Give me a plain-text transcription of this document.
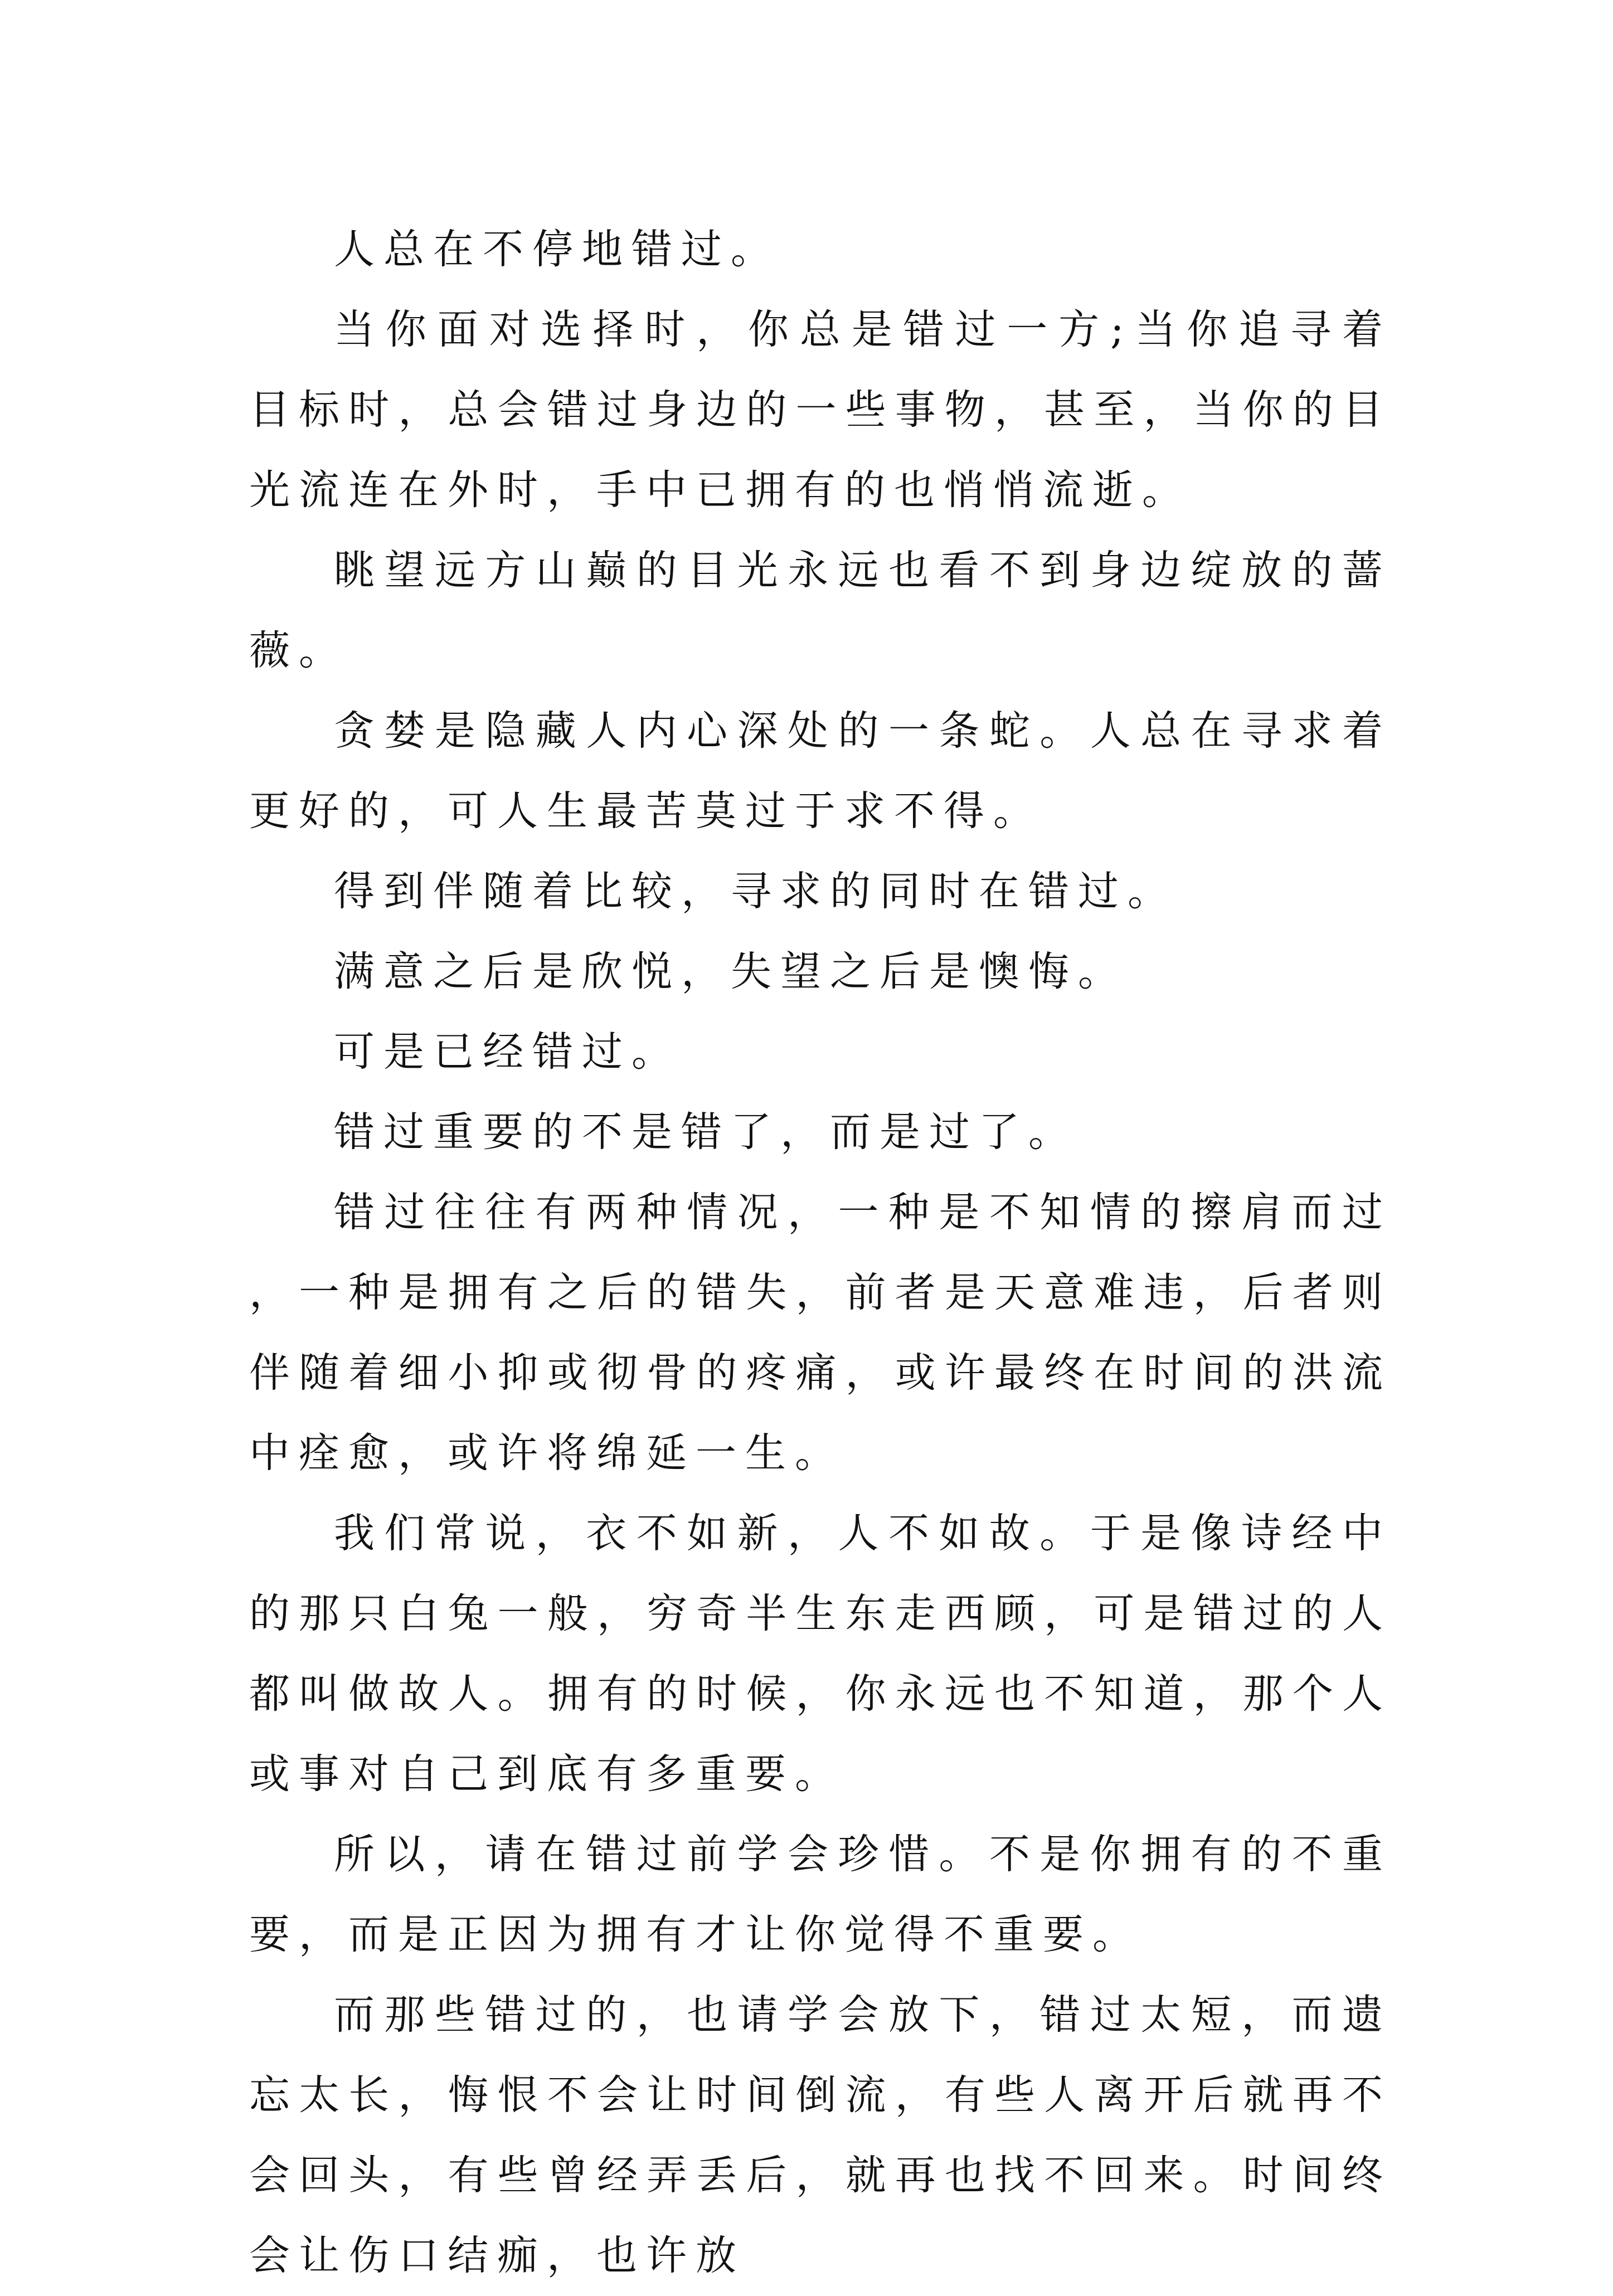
人总在不停地错过。

当你面对选择时，你总是错过一方;当你追寻着目标时，总会错过身边的一些事物，甚至，当你的目光流连在外时，手中已拥有的也悄悄流逝。

眺望远方山巅的目光永远也看不到身边绽放的蔷薇。

贪婪是隐藏人内心深处的一条蛇。人总在寻求着更好的，可人生最苦莫过于求不得。

得到伴随着比较，寻求的同时在错过。

满意之后是欣悦，失望之后是懊悔。

可是已经错过。

错过重要的不是错了，而是过了。

错过往往有两种情况，一种是不知情的擦肩而过，一种是拥有之后的错失，前者是天意难违，后者则伴随着细小抑或彻骨的疼痛，或许最终在时间的洪流中痊愈，或许将绵延一生。

我们常说，衣不如新，人不如故。于是像诗经中的那只白兔一般，穷奇半生东走西顾，可是错过的人都叫做故人。拥有的时候，你永远也不知道，那个人或事对自己到底有多重要。

所以，请在错过前学会珍惜。不是你拥有的不重要，而是正因为拥有才让你觉得不重要。

而那些错过的，也请学会放下，错过太短，而遗忘太长，悔恨不会让时间倒流，有些人离开后就再不会回头，有些曾经弄丢后，就再也找不回来。时间终会让伤口结痂，也许放
